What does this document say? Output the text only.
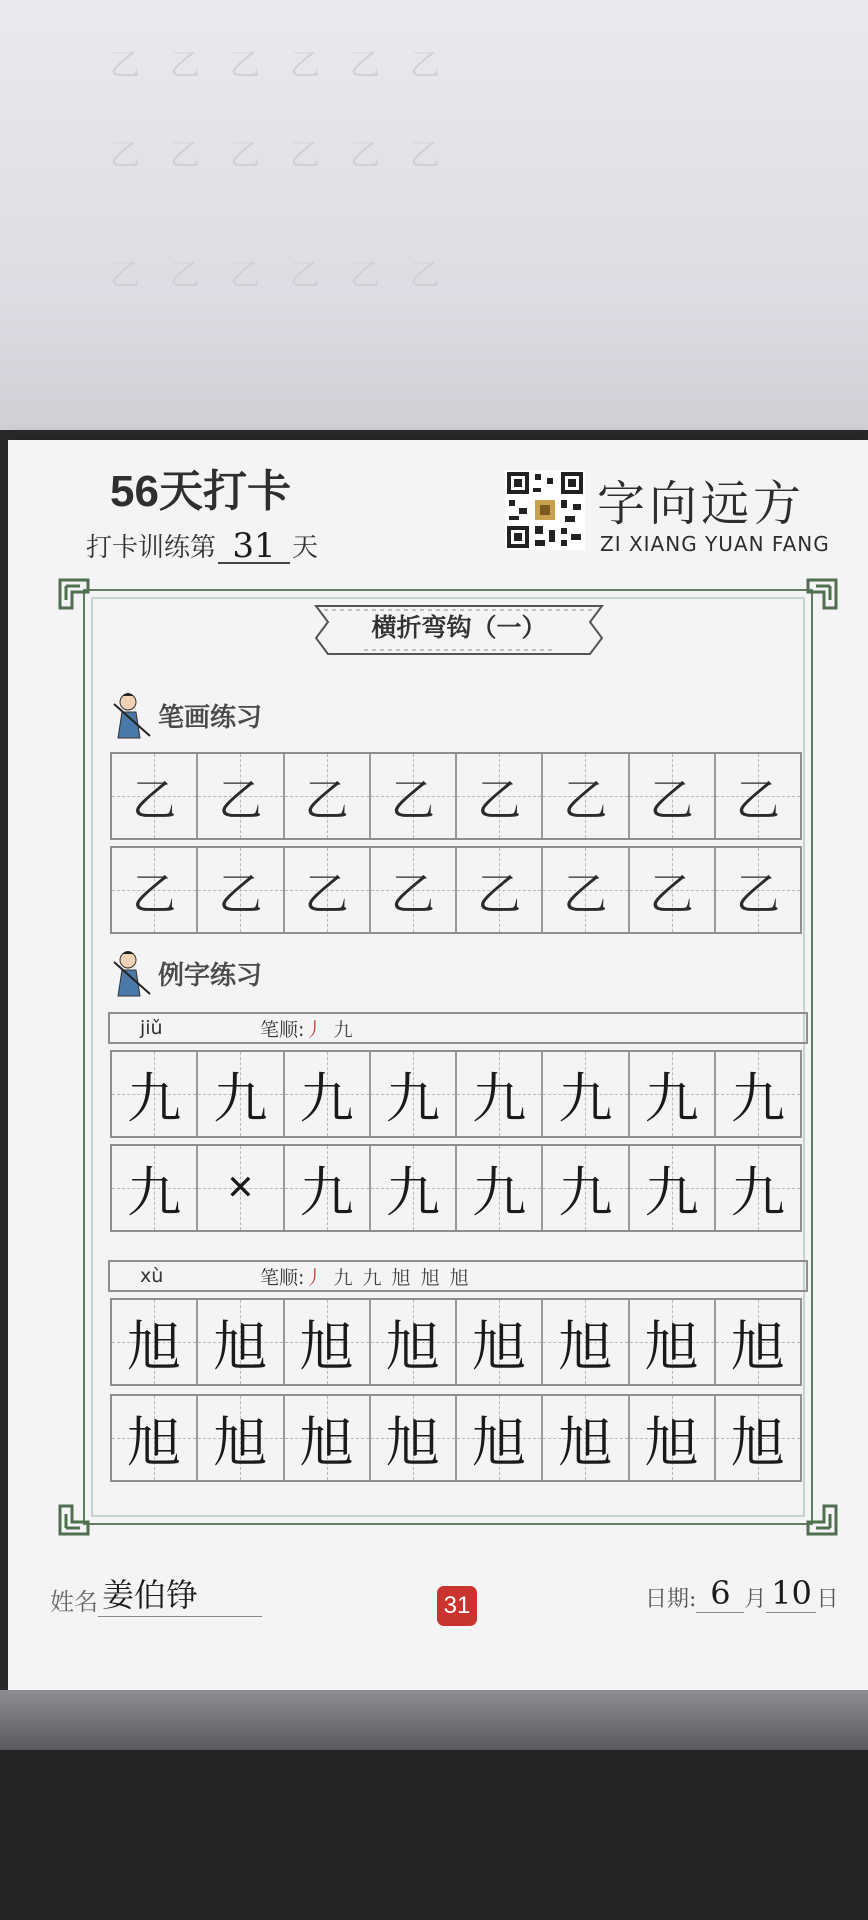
乙　乙　乙　乙　乙　乙
乙　乙　乙　乙　乙　乙
乙　乙　乙　乙　乙　乙
56天打卡
打卡训练第 31 天
字向远方
ZI XIANG YUAN FANG
横折弯钩（一）
笔画练习
乙 乙 乙 乙 乙 乙 乙 乙
乙 乙 乙 乙 乙 乙 乙 乙
例字练习
jiǔ	笔顺: 丿 九
九 九 九 九 九 九 九 九
九 ✕ 九 九 九 九 九 九
xù	笔顺: 丿 九 九 旭 旭 旭
旭 旭 旭 旭 旭 旭 旭 旭
旭 旭 旭 旭 旭 旭 旭 旭
姓名 姜伯铮	31	日期: 6 月 10 日
